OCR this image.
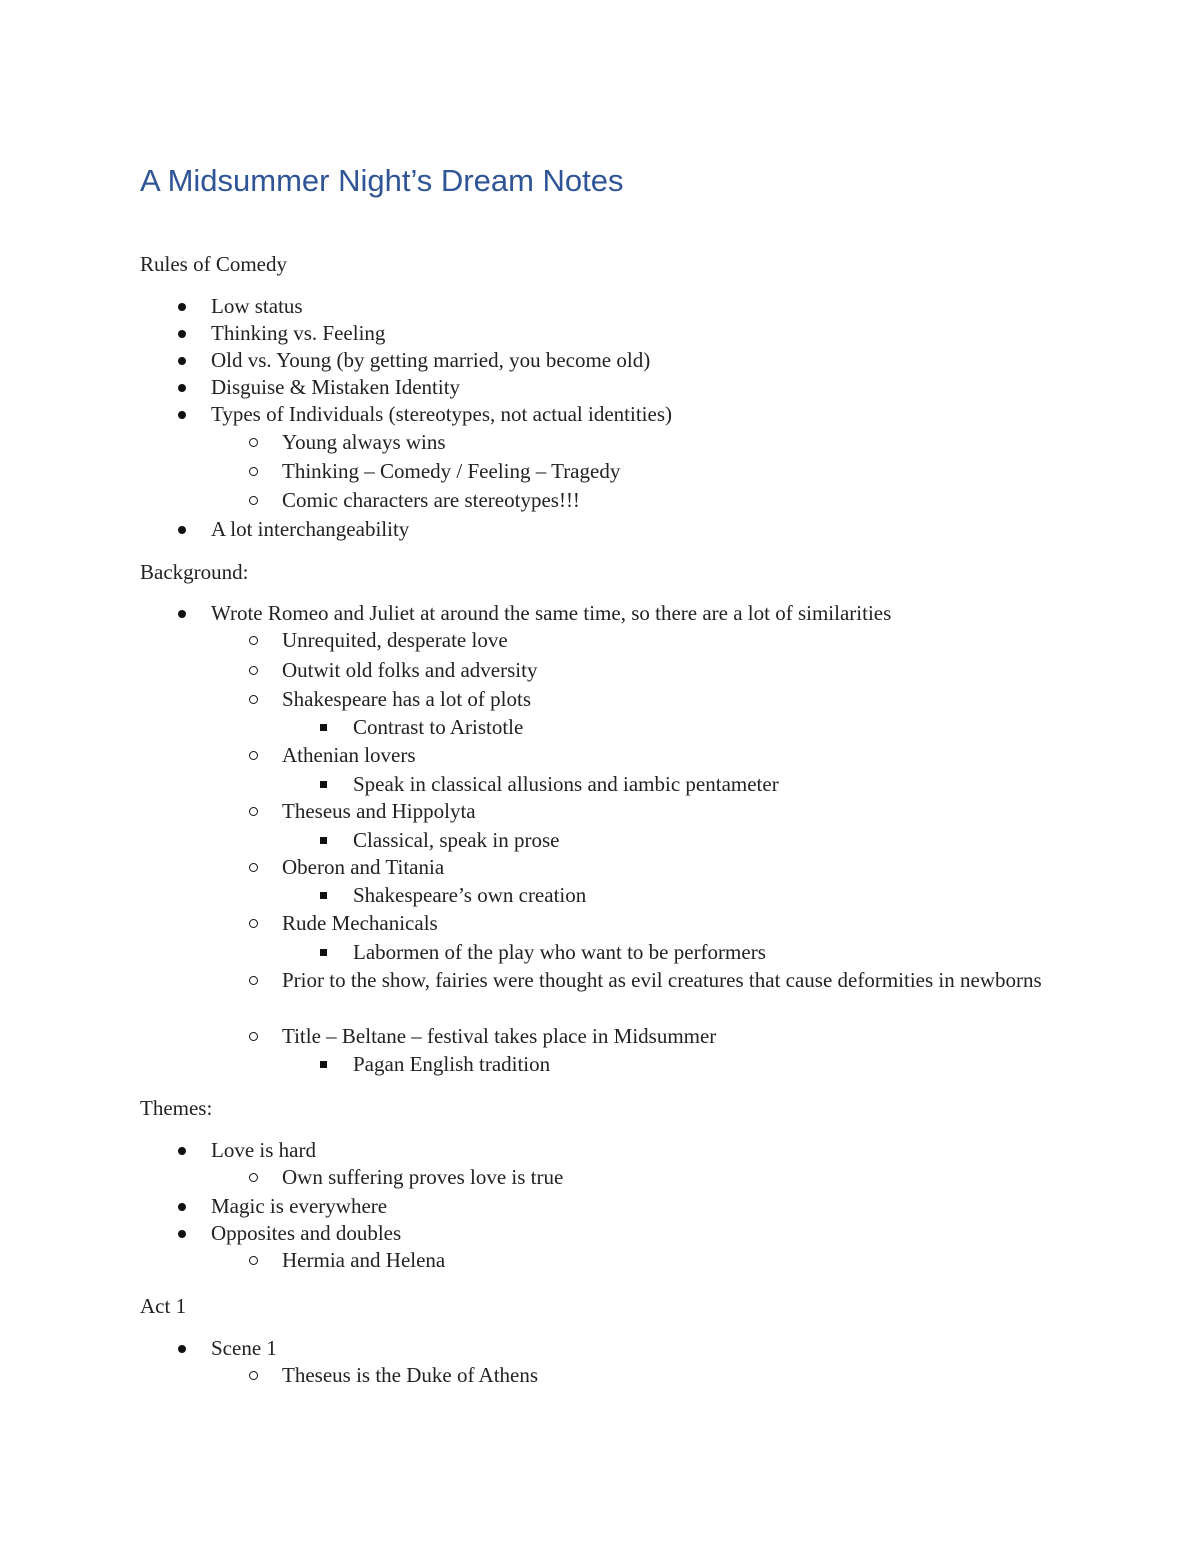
A Midsummer Night’s Dream Notes

Rules of Comedy

Low status

Thinking vs. Feeling

Old vs. Young (by getting married, you become old)

Disguise & Mistaken Identity

Types of Individuals (stereotypes, not actual identities)

Young always wins

Thinking – Comedy / Feeling – Tragedy

Comic characters are stereotypes!!!

A lot interchangeability

Background:

Wrote Romeo and Juliet at around the same time, so there are a lot of similarities

Unrequited, desperate love

Outwit old folks and adversity

Shakespeare has a lot of plots

Contrast to Aristotle

Athenian lovers

Speak in classical allusions and iambic pentameter

Theseus and Hippolyta

Classical, speak in prose

Oberon and Titania

Shakespeare’s own creation

Rude Mechanicals

Labormen of the play who want to be performers

Prior to the show, fairies were thought as evil creatures that cause deformities in newborns

Title – Beltane – festival takes place in Midsummer

Pagan English tradition

Themes:

Love is hard

Own suffering proves love is true

Magic is everywhere

Opposites and doubles

Hermia and Helena

Act 1

Scene 1

Theseus is the Duke of Athens
